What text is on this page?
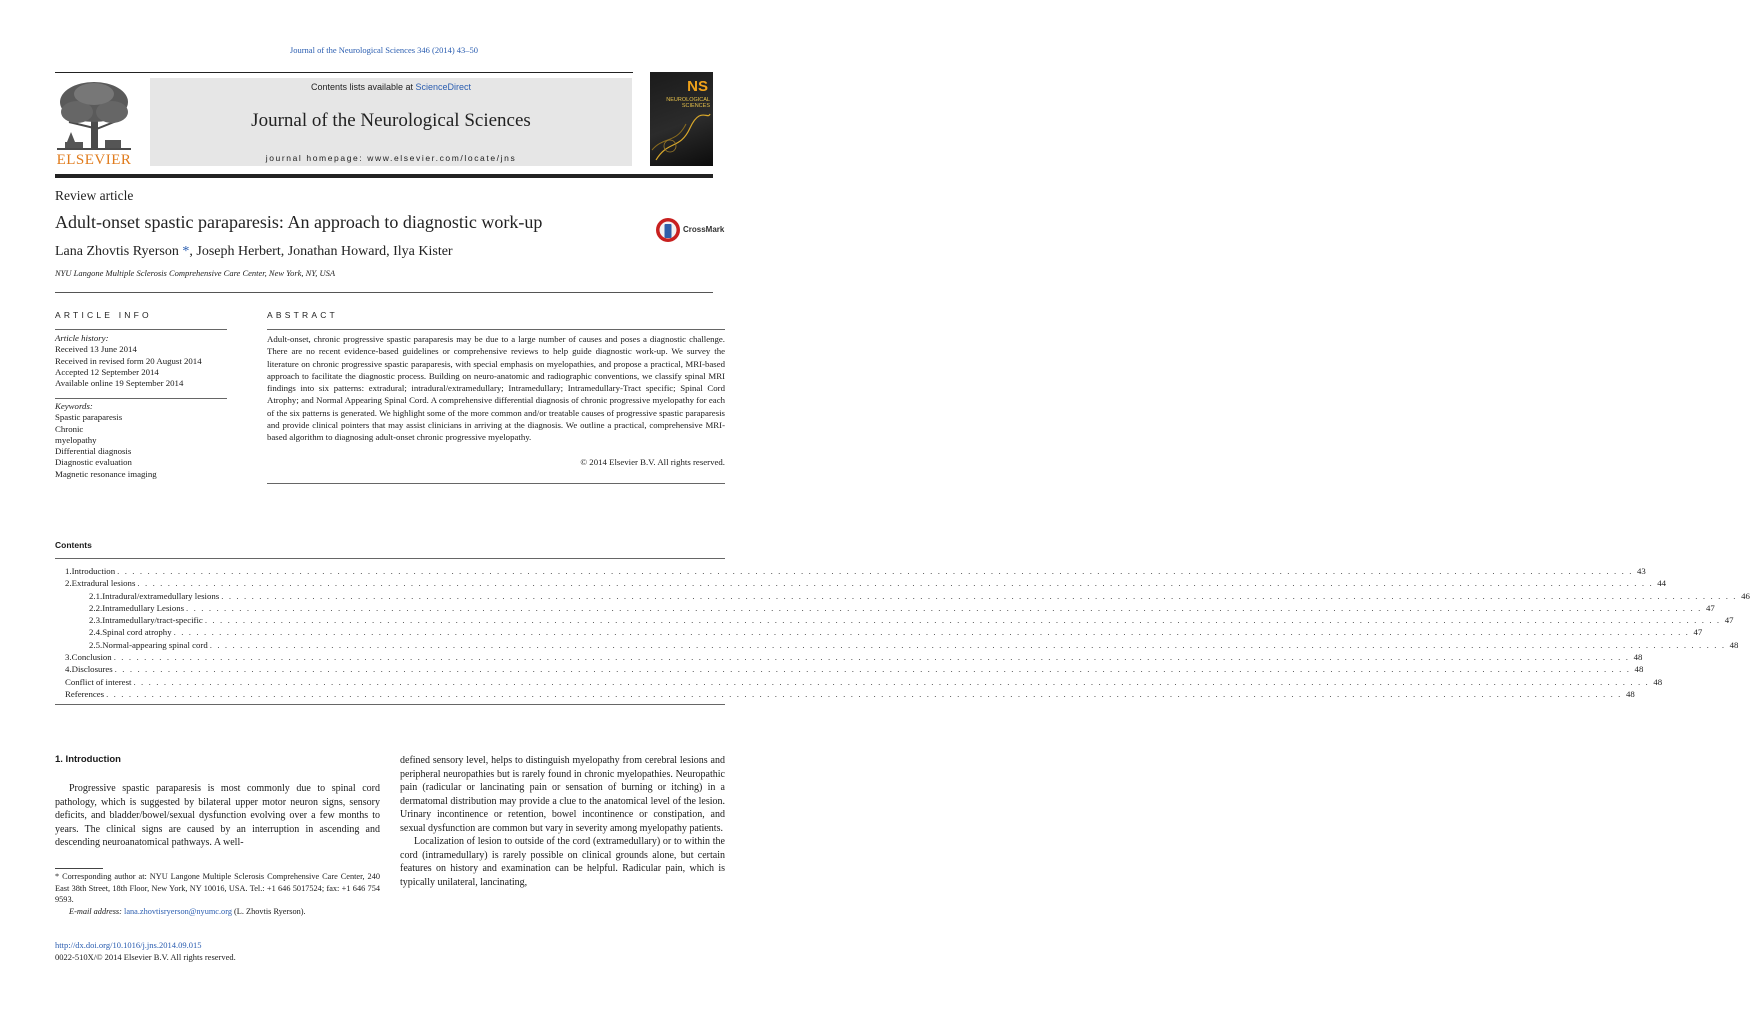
Journal of the Neurological Sciences 346 (2014) 43–50
ELSEVIER
Contents lists available at ScienceDirect
Journal of the Neurological Sciences
journal homepage: www.elsevier.com/locate/jns
NS
NEUROLOGICAL SCIENCES
Review article
Adult-onset spastic paraparesis: An approach to diagnostic work-up	CrossMark
Lana Zhovtis Ryerson *, Joseph Herbert, Jonathan Howard, Ilya Kister
NYU Langone Multiple Sclerosis Comprehensive Care Center, New York, NY, USA
ARTICLE INFO
Article history:
Received 13 June 2014
Received in revised form 20 August 2014
Accepted 12 September 2014
Available online 19 September 2014
Keywords:
Spastic paraparesis
Chronic
myelopathy
Differential diagnosis
Diagnostic evaluation
Magnetic resonance imaging
ABSTRACT
Adult-onset, chronic progressive spastic paraparesis may be due to a large number of causes and poses a diagnostic challenge. There are no recent evidence-based guidelines or comprehensive reviews to help guide diagnostic work-up. We survey the literature on chronic progressive spastic paraparesis, with special emphasis on myelopathies, and propose a practical, MRI-based approach to facilitate the diagnostic process. Building on neuro-anatomic and radiographic conventions, we classify spinal MRI findings into six patterns: extradural; intradural/extramedullary; Intramedullary; Intramedullary-Tract specific; Spinal Cord Atrophy; and Normal Appearing Spinal Cord. A comprehensive differential diagnosis of chronic progressive myelopathy for each of the six patterns is generated. We highlight some of the more common and/or treatable causes of progressive spastic paraparesis and provide clinical pointers that may assist clinicians in arriving at the diagnosis. We outline a practical, comprehensive MRI-based algorithm to diagnosing adult-onset chronic progressive myelopathy.
© 2014 Elsevier B.V. All rights reserved.
Contents
1. Introduction . . . . . . . . . . . . . . . . . . . . . . . . . . . . . . . . . . . . . . . . . . . . . . . . . . . . . . . . . . . . . . . . . . . . . . . . . . . . . . . . . . . . . . . . . . . . . . . . . . . . . . . . . . . . . . . . . . . . . . . . . . . . . . . . . . . . . . . . . . . . . . . . . . . . . . . . . . . . . . . . . . . . . . . . . . . . . . . . . . . . . . . . . . . . . . . . . . . . . . . . 43
2. Extradural lesions . . . . . . . . . . . . . . . . . . . . . . . . . . . . . . . . . . . . . . . . . . . . . . . . . . . . . . . . . . . . . . . . . . . . . . . . . . . . . . . . . . . . . . . . . . . . . . . . . . . . . . . . . . . . . . . . . . . . . . . . . . . . . . . . . . . . . . . . . . . . . . . . . . . . . . . . . . . . . . . . . . . . . . . . . . . . . . . . . . . . . . . . . . . . . . . . . . . . . . . . 44
2.1. Intradural/extramedullary lesions . . . . . . . . . . . . . . . . . . . . . . . . . . . . . . . . . . . . . . . . . . . . . . . . . . . . . . . . . . . . . . . . . . . . . . . . . . . . . . . . . . . . . . . . . . . . . . . . . . . . . . . . . . . . . . . . . . . . . . . . . . . . . . . . . . . . . . . . . . . . . . . . . . . . . . . . . . . . . . . . . . . . . . . . . . . . . . . . . . . . . . . . . . . . . . . . . . . . . . . . 46
2.2. Intramedullary Lesions . . . . . . . . . . . . . . . . . . . . . . . . . . . . . . . . . . . . . . . . . . . . . . . . . . . . . . . . . . . . . . . . . . . . . . . . . . . . . . . . . . . . . . . . . . . . . . . . . . . . . . . . . . . . . . . . . . . . . . . . . . . . . . . . . . . . . . . . . . . . . . . . . . . . . . . . . . . . . . . . . . . . . . . . . . . . . . . . . . . . . . . . . . . . . . . . . . . . . . . . 47
2.3. Intramedullary/tract-specific . . . . . . . . . . . . . . . . . . . . . . . . . . . . . . . . . . . . . . . . . . . . . . . . . . . . . . . . . . . . . . . . . . . . . . . . . . . . . . . . . . . . . . . . . . . . . . . . . . . . . . . . . . . . . . . . . . . . . . . . . . . . . . . . . . . . . . . . . . . . . . . . . . . . . . . . . . . . . . . . . . . . . . . . . . . . . . . . . . . . . . . . . . . . . . . . . . . . . . . . 47
2.4. Spinal cord atrophy . . . . . . . . . . . . . . . . . . . . . . . . . . . . . . . . . . . . . . . . . . . . . . . . . . . . . . . . . . . . . . . . . . . . . . . . . . . . . . . . . . . . . . . . . . . . . . . . . . . . . . . . . . . . . . . . . . . . . . . . . . . . . . . . . . . . . . . . . . . . . . . . . . . . . . . . . . . . . . . . . . . . . . . . . . . . . . . . . . . . . . . . . . . . . . . . . . . . . . . . 47
2.5. Normal-appearing spinal cord . . . . . . . . . . . . . . . . . . . . . . . . . . . . . . . . . . . . . . . . . . . . . . . . . . . . . . . . . . . . . . . . . . . . . . . . . . . . . . . . . . . . . . . . . . . . . . . . . . . . . . . . . . . . . . . . . . . . . . . . . . . . . . . . . . . . . . . . . . . . . . . . . . . . . . . . . . . . . . . . . . . . . . . . . . . . . . . . . . . . . . . . . . . . . . . . . . . . . . . . 48
3. Conclusion . . . . . . . . . . . . . . . . . . . . . . . . . . . . . . . . . . . . . . . . . . . . . . . . . . . . . . . . . . . . . . . . . . . . . . . . . . . . . . . . . . . . . . . . . . . . . . . . . . . . . . . . . . . . . . . . . . . . . . . . . . . . . . . . . . . . . . . . . . . . . . . . . . . . . . . . . . . . . . . . . . . . . . . . . . . . . . . . . . . . . . . . . . . . . . . . . . . . . . . . 48
4. Disclosures . . . . . . . . . . . . . . . . . . . . . . . . . . . . . . . . . . . . . . . . . . . . . . . . . . . . . . . . . . . . . . . . . . . . . . . . . . . . . . . . . . . . . . . . . . . . . . . . . . . . . . . . . . . . . . . . . . . . . . . . . . . . . . . . . . . . . . . . . . . . . . . . . . . . . . . . . . . . . . . . . . . . . . . . . . . . . . . . . . . . . . . . . . . . . . . . . . . . . . . . 48
Conflict of interest . . . . . . . . . . . . . . . . . . . . . . . . . . . . . . . . . . . . . . . . . . . . . . . . . . . . . . . . . . . . . . . . . . . . . . . . . . . . . . . . . . . . . . . . . . . . . . . . . . . . . . . . . . . . . . . . . . . . . . . . . . . . . . . . . . . . . . . . . . . . . . . . . . . . . . . . . . . . . . . . . . . . . . . . . . . . . . . . . . . . . . . . . . . . . . . . . . . . . . . . 48
References . . . . . . . . . . . . . . . . . . . . . . . . . . . . . . . . . . . . . . . . . . . . . . . . . . . . . . . . . . . . . . . . . . . . . . . . . . . . . . . . . . . . . . . . . . . . . . . . . . . . . . . . . . . . . . . . . . . . . . . . . . . . . . . . . . . . . . . . . . . . . . . . . . . . . . . . . . . . . . . . . . . . . . . . . . . . . . . . . . . . . . . . . . . . . . . . . . . . . . . . 48
1. Introduction
Progressive spastic paraparesis is most commonly due to spinal cord pathology, which is suggested by bilateral upper motor neuron signs, sensory deficits, and bladder/bowel/sexual dysfunction evolving over a few months to years. The clinical signs are caused by an interruption in ascending and descending neuroanatomical pathways. A well-
* Corresponding author at: NYU Langone Multiple Sclerosis Comprehensive Care Center, 240 East 38th Street, 18th Floor, New York, NY 10016, USA. Tel.: +1 646 5017524; fax: +1 646 754 9593.
E-mail address: lana.zhovtisryerson@nyumc.org (L. Zhovtis Ryerson).

defined sensory level, helps to distinguish myelopathy from cerebral lesions and peripheral neuropathies but is rarely found in chronic myelopathies. Neuropathic pain (radicular or lancinating pain or sensation of burning or itching) in a dermatomal distribution may provide a clue to the anatomical level of the lesion. Urinary incontinence or retention, bowel incontinence or constipation, and sexual dysfunction are common but vary in severity among myelopathy patients.

Localization of lesion to outside of the cord (extramedullary) or to within the cord (intramedullary) is rarely possible on clinical grounds alone, but certain features on history and examination can be helpful. Radicular pain, which is typically unilateral, lancinating,

http://dx.doi.org/10.1016/j.jns.2014.09.015
0022-510X/© 2014 Elsevier B.V. All rights reserved.
